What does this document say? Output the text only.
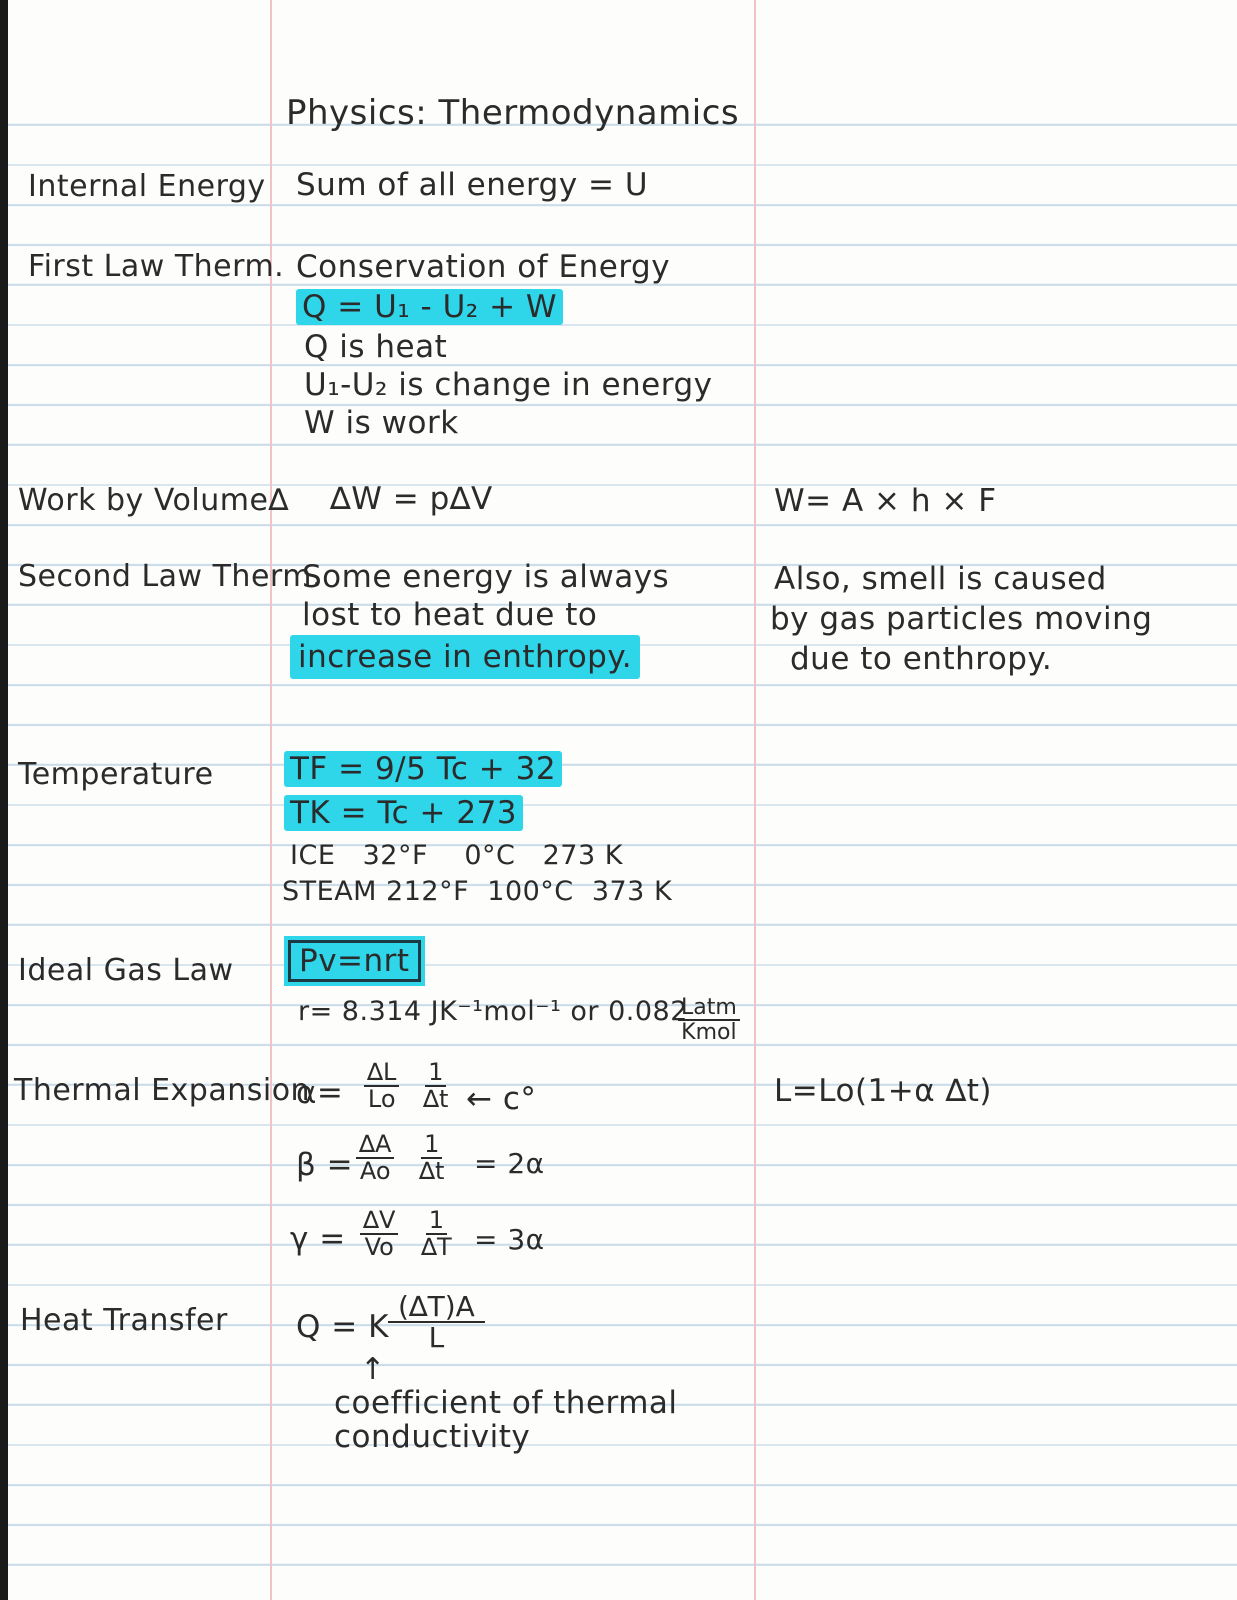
Physics: Thermodynamics
Internal Energy Sum of all energy = U
First Law Therm. Conservation of Energy
Q = U₁ - U₂ + W
Q is heat
U₁-U₂ is change in energy
W is work
Work by Volume∆ ∆W = p∆V	W= A × h × F
Second Law Therm.
Some energy is always
lost to heat due to
increase in enthropy.
Also, smell is caused
by gas particles moving
due to enthropy.
Temperature TF = 9/5 Tc + 32
TK = Tc + 273
ICE   32°F    0°C   273 K
STEAM 212°F  100°C  373 K
Ideal Gas Law	Pv=nrt
r= 8.314 JK⁻¹mol⁻¹ or 0.082
Latm
Kmol
Thermal Expansion
$\alpha= \frac{\Delta L}{Lo} \frac{1}{\Delta t}$ ← c°	L=Lo(1+α ∆t)
$\beta = \frac{\Delta A}{Ao} \frac{1}{\Delta t} = 2\alpha$
$\gamma = \frac{\Delta V}{Vo} \frac{1}{\Delta T} = 3\alpha$
Heat Transfer Q = K $\frac{(\Delta T)A}{L}$
↑
coefficient of thermal
conductivity
